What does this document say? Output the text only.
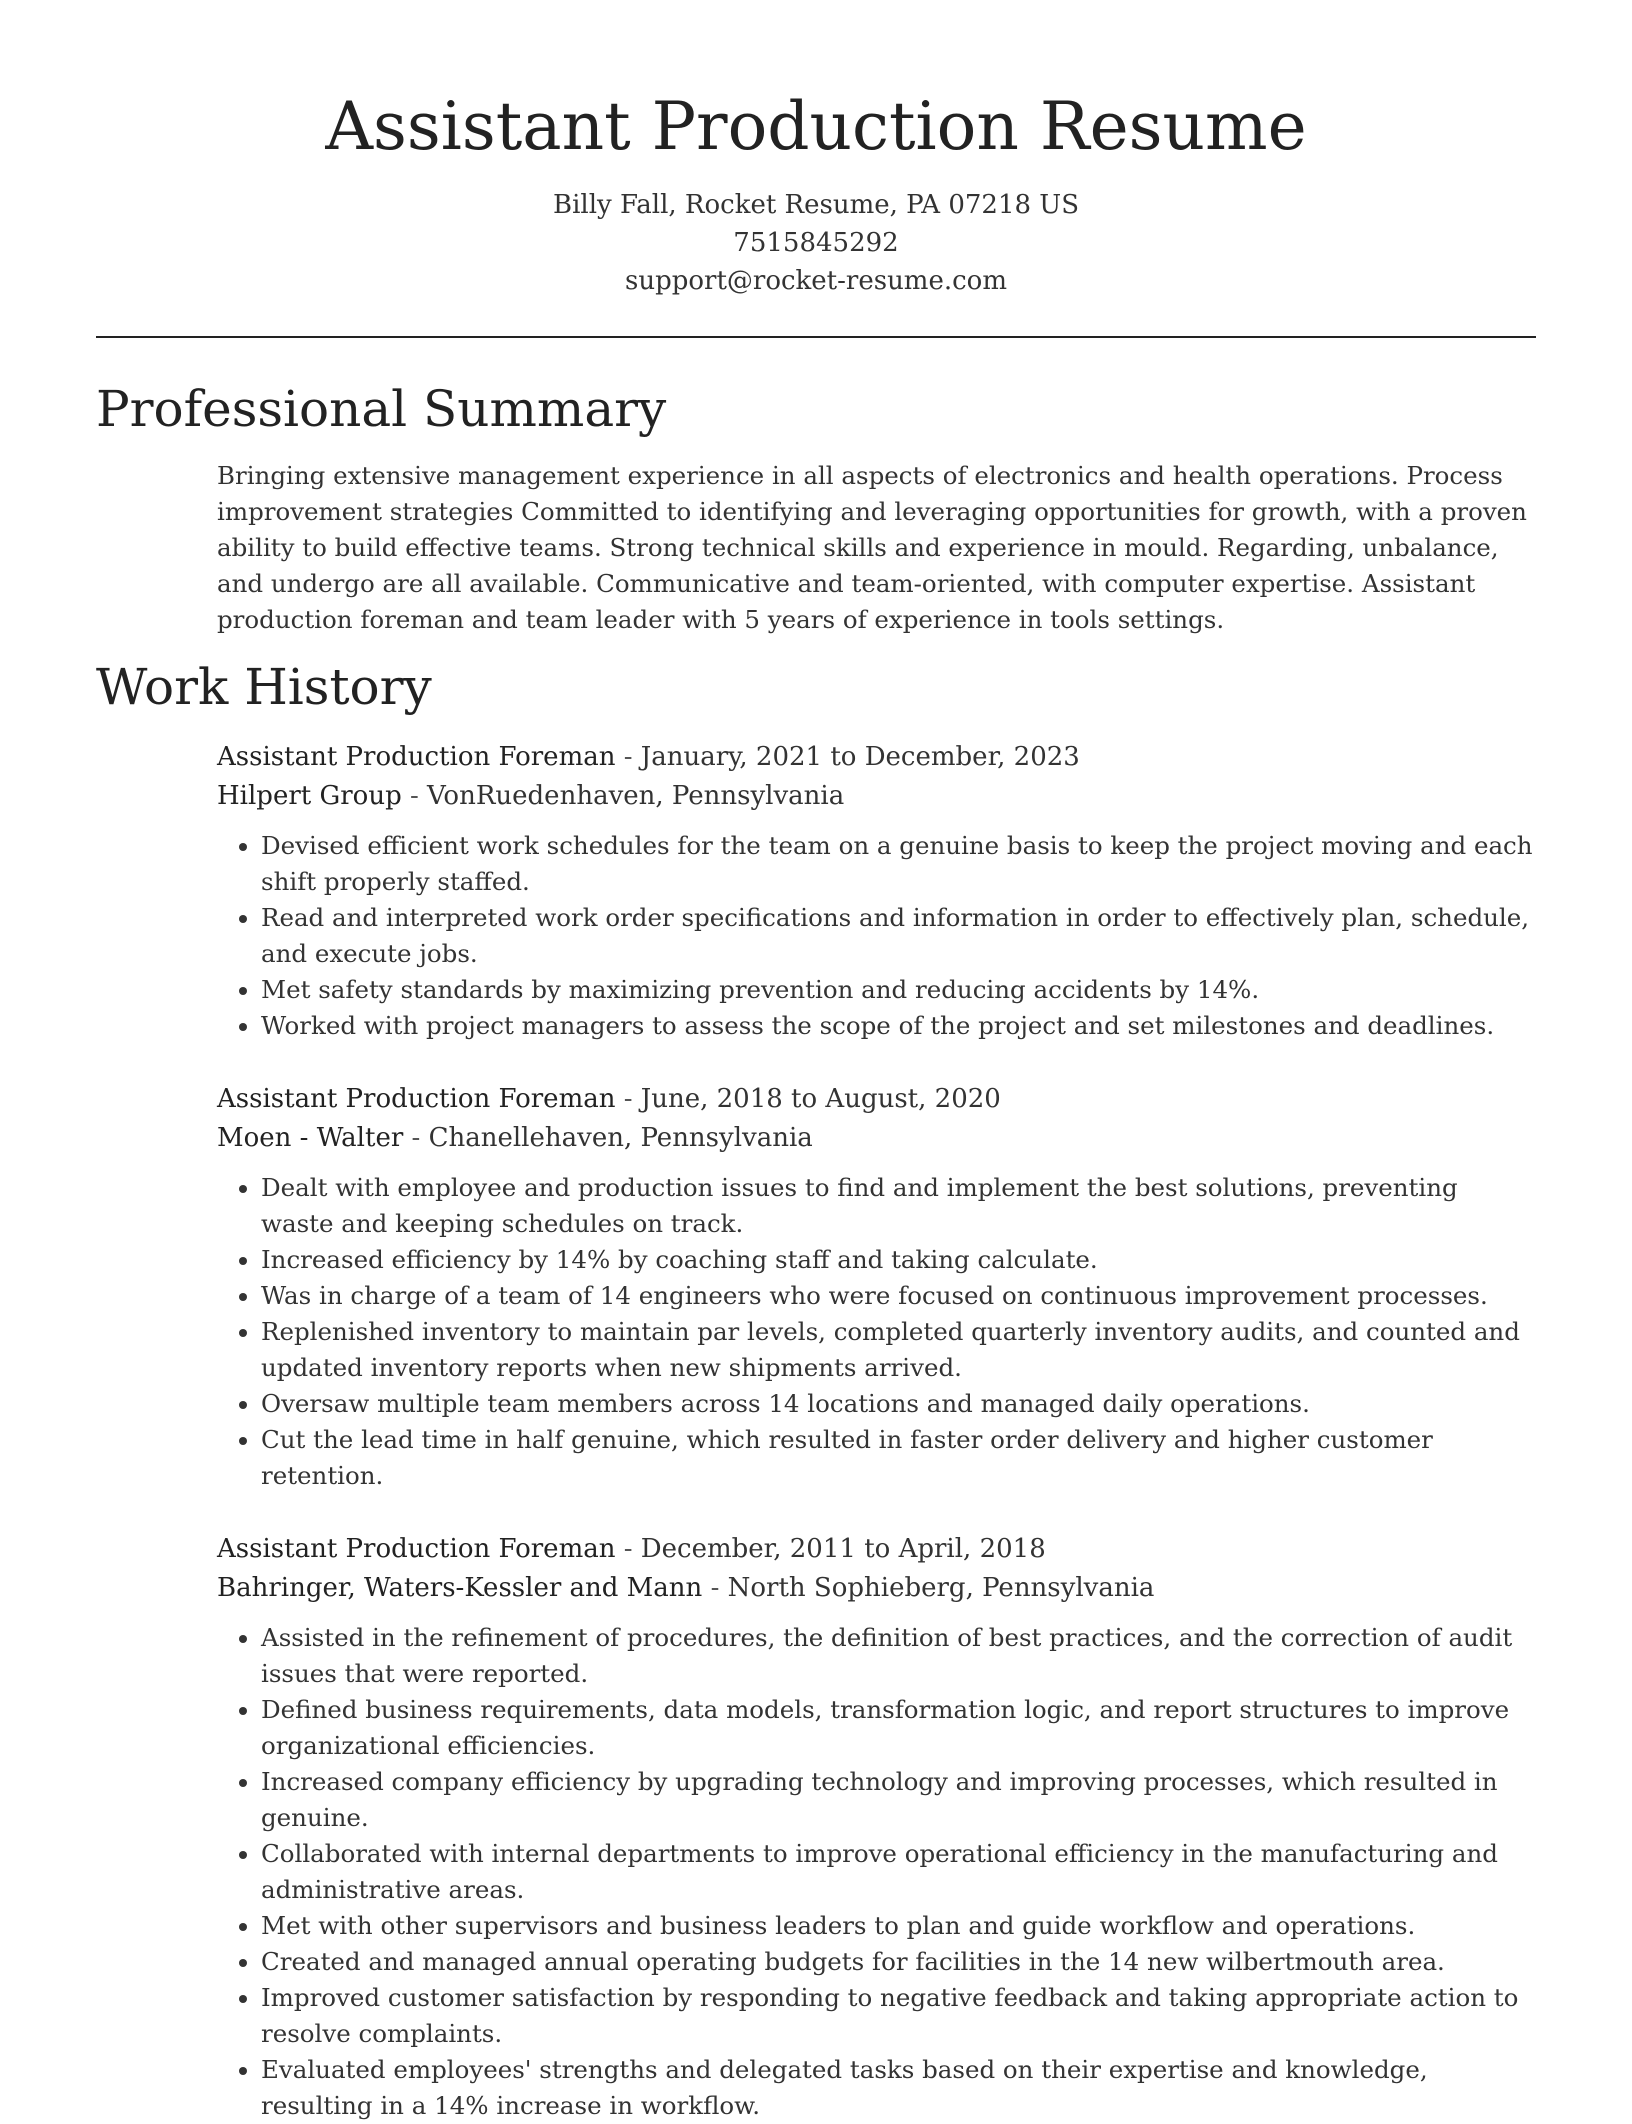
Assistant Production Resume
Billy Fall, Rocket Resume, PA 07218 US
7515845292
support@rocket-resume.com
Professional Summary

Bringing extensive management experience in all aspects of electronics and health operations. Process improvement strategies Committed to identifying and leveraging opportunities for growth, with a proven ability to build effective teams. Strong technical skills and experience in mould. Regarding, unbalance, and undergo are all available. Communicative and team-oriented, with computer expertise. Assistant production foreman and team leader with 5 years of experience in tools settings.

Work History
Assistant Production Foreman - January, 2021 to December, 2023
Hilpert Group - VonRuedenhaven, Pennsylvania
• Devised efficient work schedules for the team on a genuine basis to keep the project moving and each shift properly staffed.
• Read and interpreted work order specifications and information in order to effectively plan, schedule, and execute jobs.
• Met safety standards by maximizing prevention and reducing accidents by 14%.
• Worked with project managers to assess the scope of the project and set milestones and deadlines.
Assistant Production Foreman - June, 2018 to August, 2020
Moen - Walter - Chanellehaven, Pennsylvania
• Dealt with employee and production issues to find and implement the best solutions, preventing waste and keeping schedules on track.
• Increased efficiency by 14% by coaching staff and taking calculate.
• Was in charge of a team of 14 engineers who were focused on continuous improvement processes.
• Replenished inventory to maintain par levels, completed quarterly inventory audits, and counted and updated inventory reports when new shipments arrived.
• Oversaw multiple team members across 14 locations and managed daily operations.
• Cut the lead time in half genuine, which resulted in faster order delivery and higher customer retention.
Assistant Production Foreman - December, 2011 to April, 2018
Bahringer, Waters-Kessler and Mann - North Sophieberg, Pennsylvania
• Assisted in the refinement of procedures, the definition of best practices, and the correction of audit issues that were reported.
• Defined business requirements, data models, transformation logic, and report structures to improve organizational efficiencies.
• Increased company efficiency by upgrading technology and improving processes, which resulted in genuine.
• Collaborated with internal departments to improve operational efficiency in the manufacturing and administrative areas.
• Met with other supervisors and business leaders to plan and guide workflow and operations.
• Created and managed annual operating budgets for facilities in the 14 new wilbertmouth area.
• Improved customer satisfaction by responding to negative feedback and taking appropriate action to resolve complaints.
• Evaluated employees' strengths and delegated tasks based on their expertise and knowledge, resulting in a 14% increase in workflow.
